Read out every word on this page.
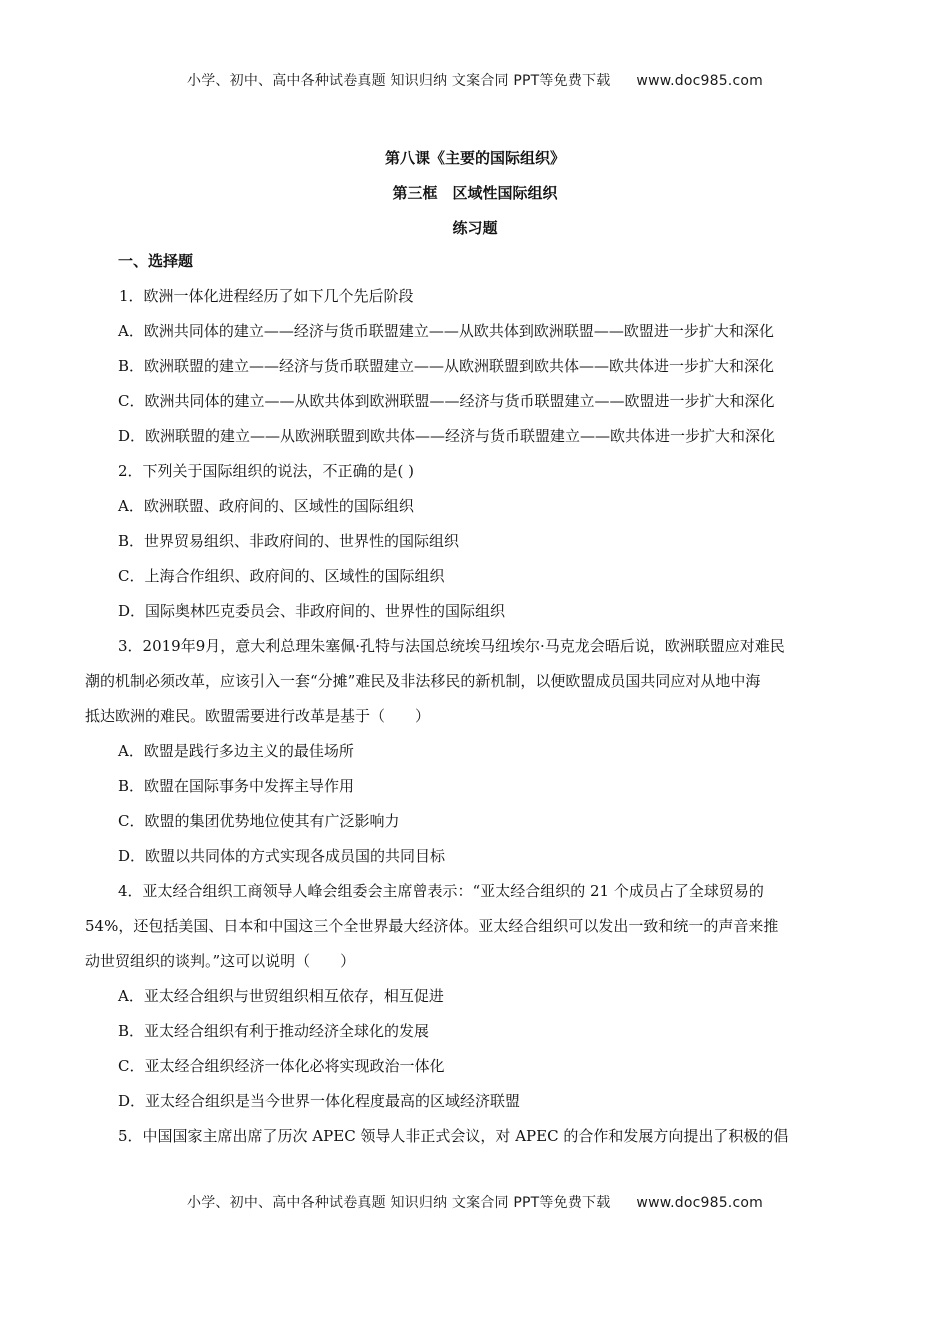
小学、初中、高中各种试卷真题 知识归纳 文案合同 PPT等免费下载 www.doc985.com
第八课《主要的国际组织》
第三框　区域性国际组织
练习题
一、选择题
1．欧洲一体化进程经历了如下几个先后阶段
A．欧洲共同体的建立——经济与货币联盟建立——从欧共体到欧洲联盟——欧盟进一步扩大和深化
B．欧洲联盟的建立——经济与货币联盟建立——从欧洲联盟到欧共体——欧共体进一步扩大和深化
C．欧洲共同体的建立——从欧共体到欧洲联盟——经济与货币联盟建立——欧盟进一步扩大和深化
D．欧洲联盟的建立——从欧洲联盟到欧共体——经济与货币联盟建立——欧共体进一步扩大和深化
2．下列关于国际组织的说法，不正确的是( )
A．欧洲联盟、政府间的、区域性的国际组织
B．世界贸易组织、非政府间的、世界性的国际组织
C．上海合作组织、政府间的、区域性的国际组织
D．国际奥林匹克委员会、非政府间的、世界性的国际组织
3．2019年9月，意大利总理朱塞佩·孔特与法国总统埃马纽埃尔·马克龙会晤后说，欧洲联盟应对难民
潮的机制必须改革，应该引入一套“分摊”难民及非法移民的新机制，以便欧盟成员国共同应对从地中海
抵达欧洲的难民。欧盟需要进行改革是基于（　　）
A．欧盟是践行多边主义的最佳场所
B．欧盟在国际事务中发挥主导作用
C．欧盟的集团优势地位使其有广泛影响力
D．欧盟以共同体的方式实现各成员国的共同目标
4．亚太经合组织工商领导人峰会组委会主席曾表示：“亚太经合组织的 21 个成员占了全球贸易的
54%，还包括美国、日本和中国这三个全世界最大经济体。亚太经合组织可以发出一致和统一的声音来推
动世贸组织的谈判。”这可以说明（　　）
A．亚太经合组织与世贸组织相互依存，相互促进
B．亚太经合组织有利于推动经济全球化的发展
C．亚太经合组织经济一体化必将实现政治一体化
D．亚太经合组织是当今世界一体化程度最高的区域经济联盟
5．中国国家主席出席了历次 APEC 领导人非正式会议，对 APEC 的合作和发展方向提出了积极的倡
小学、初中、高中各种试卷真题 知识归纳 文案合同 PPT等免费下载 www.doc985.com
